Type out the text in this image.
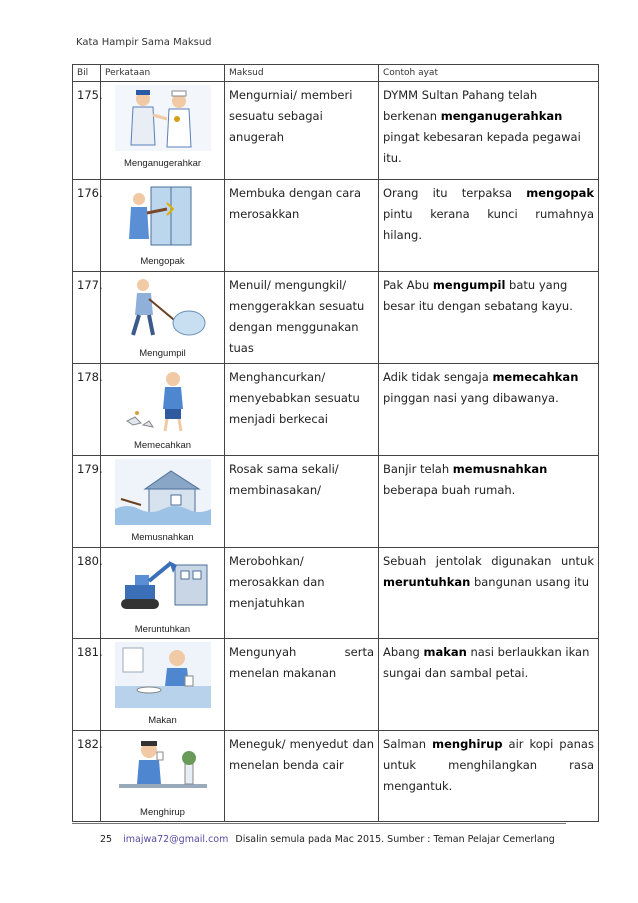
Kata Hampir Sama Maksud
Bil	Perkataan	Maksud	Contoh ayat
175.	Menganugerahkar	Mengurniai/ memberi sesuatu sebagai anugerah	DYMM Sultan Pahang telah berkenan menganugerahkan pingat kebesaran kepada pegawai itu.
176.	Mengopak	Membuka dengan cara merosakkan	Orang itu terpaksa mengopak pintu kerana kunci rumahnya hilang.
177.	Mengumpil	Menuil/ mengungkil/ menggerakkan sesuatu dengan menggunakan tuas	Pak Abu mengumpil batu yang besar itu dengan sebatang kayu.
178.	Memecahkan	Menghancurkan/ menyebabkan sesuatu menjadi berkecai	Adik tidak sengaja memecahkan pinggan nasi yang dibawanya.
179.	Memusnahkan	Rosak sama sekali/ membinasakan/	Banjir telah memusnahkan beberapa buah rumah.
180.	Meruntuhkan	Merobohkan/ merosakkan dan menjatuhkan	Sebuah jentolak digunakan untuk meruntuhkan bangunan usang itu
181.	Makan	Mengunyah serta menelan makanan	Abang makan nasi berlaukkan ikan sungai dan sambal petai.
182.	Menghirup	Meneguk/ menyedut dan menelan benda cair	Salman menghirup air kopi panas untuk menghilangkan rasa mengantuk.
25 imajwa72@gmail.com Disalin semula pada Mac 2015. Sumber : Teman Pelajar Cemerlang
